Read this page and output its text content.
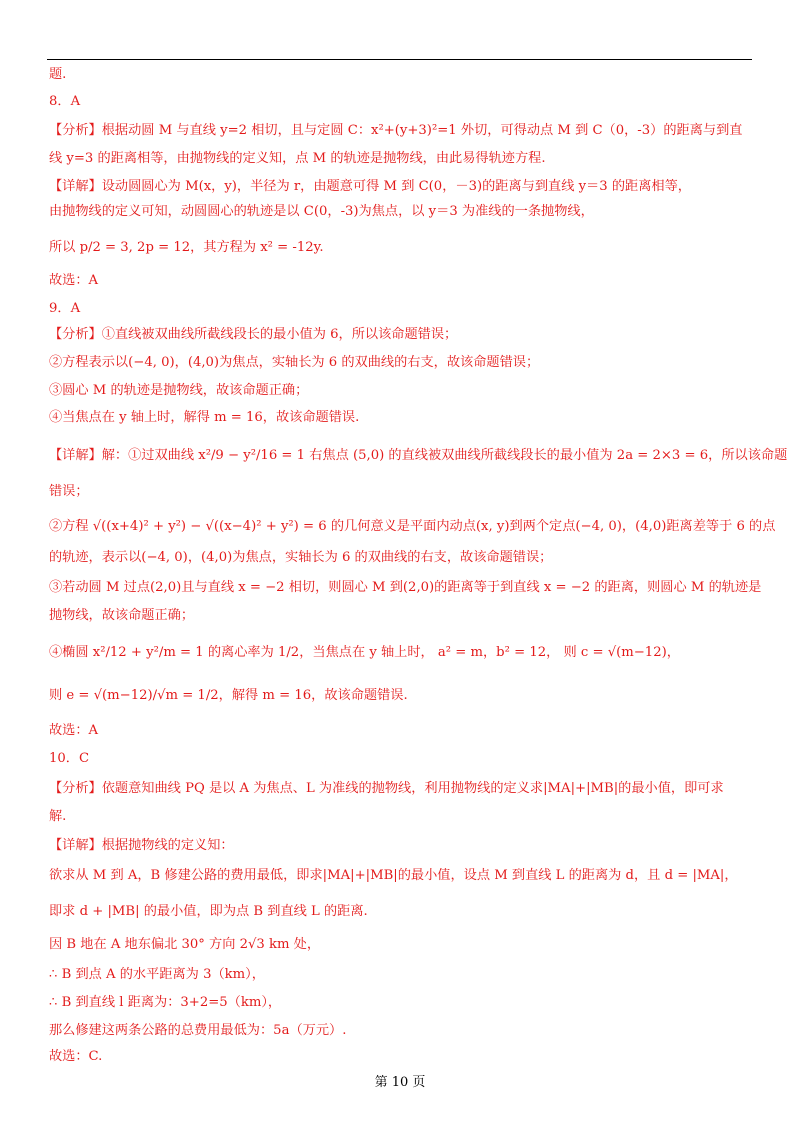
题.
8．A
【分析】根据动圆 M 与直线 y=2 相切，且与定圆 C：x²+(y+3)²=1 外切，可得动点 M 到 C（0，-3）的距离与到直
线 y=3 的距离相等，由抛物线的定义知，点 M 的轨迹是抛物线，由此易得轨迹方程.
【详解】设动圆圆心为 M(x，y)，半径为 r，由题意可得 M 到 C(0，－3)的距离与到直线 y＝3 的距离相等，
由抛物线的定义可知，动圆圆心的轨迹是以 C(0，-3)为焦点，以 y＝3 为准线的一条抛物线，
所以 p/2 = 3, 2p = 12，其方程为 x² = -12y.
故选：A
9．A
【分析】①直线被双曲线所截线段长的最小值为 6，所以该命题错误；
②方程表示以(−4, 0)，(4,0)为焦点，实轴长为 6 的双曲线的右支，故该命题错误；
③圆心 M 的轨迹是抛物线，故该命题正确；
④当焦点在 y 轴上时，解得 m = 16，故该命题错误.
【详解】解：①过双曲线 x²/9 − y²/16 = 1 右焦点 (5,0) 的直线被双曲线所截线段长的最小值为 2a = 2×3 = 6，所以该命题
错误；
②方程 √((x+4)² + y²) − √((x−4)² + y²) = 6 的几何意义是平面内动点(x, y)到两个定点(−4, 0)，(4,0)距离差等于 6 的点
的轨迹，表示以(−4, 0)，(4,0)为焦点，实轴长为 6 的双曲线的右支，故该命题错误；
③若动圆 M 过点(2,0)且与直线 x = −2 相切，则圆心 M 到(2,0)的距离等于到直线 x = −2 的距离，则圆心 M 的轨迹是
抛物线，故该命题正确；
④椭圆 x²/12 + y²/m = 1 的离心率为 1/2，当焦点在 y 轴上时， a² = m，b² = 12， 则 c = √(m−12)，
则 e = √(m−12)/√m = 1/2，解得 m = 16，故该命题错误.
故选：A
10．C
【分析】依题意知曲线 PQ 是以 A 为焦点、L 为准线的抛物线，利用抛物线的定义求|MA|+|MB|的最小值，即可求
解.
【详解】根据抛物线的定义知：
欲求从 M 到 A，B 修建公路的费用最低，即求|MA|+|MB|的最小值，设点 M 到直线 L 的距离为 d，且 d = |MA|，
即求 d + |MB| 的最小值，即为点 B 到直线 L 的距离.
因 B 地在 A 地东偏北 30° 方向 2√3 km 处，
∴ B 到点 A 的水平距离为 3（km），
∴ B 到直线 l 距离为：3+2=5（km），
那么修建这两条公路的总费用最低为：5a（万元）.
故选：C.
第 10 页
